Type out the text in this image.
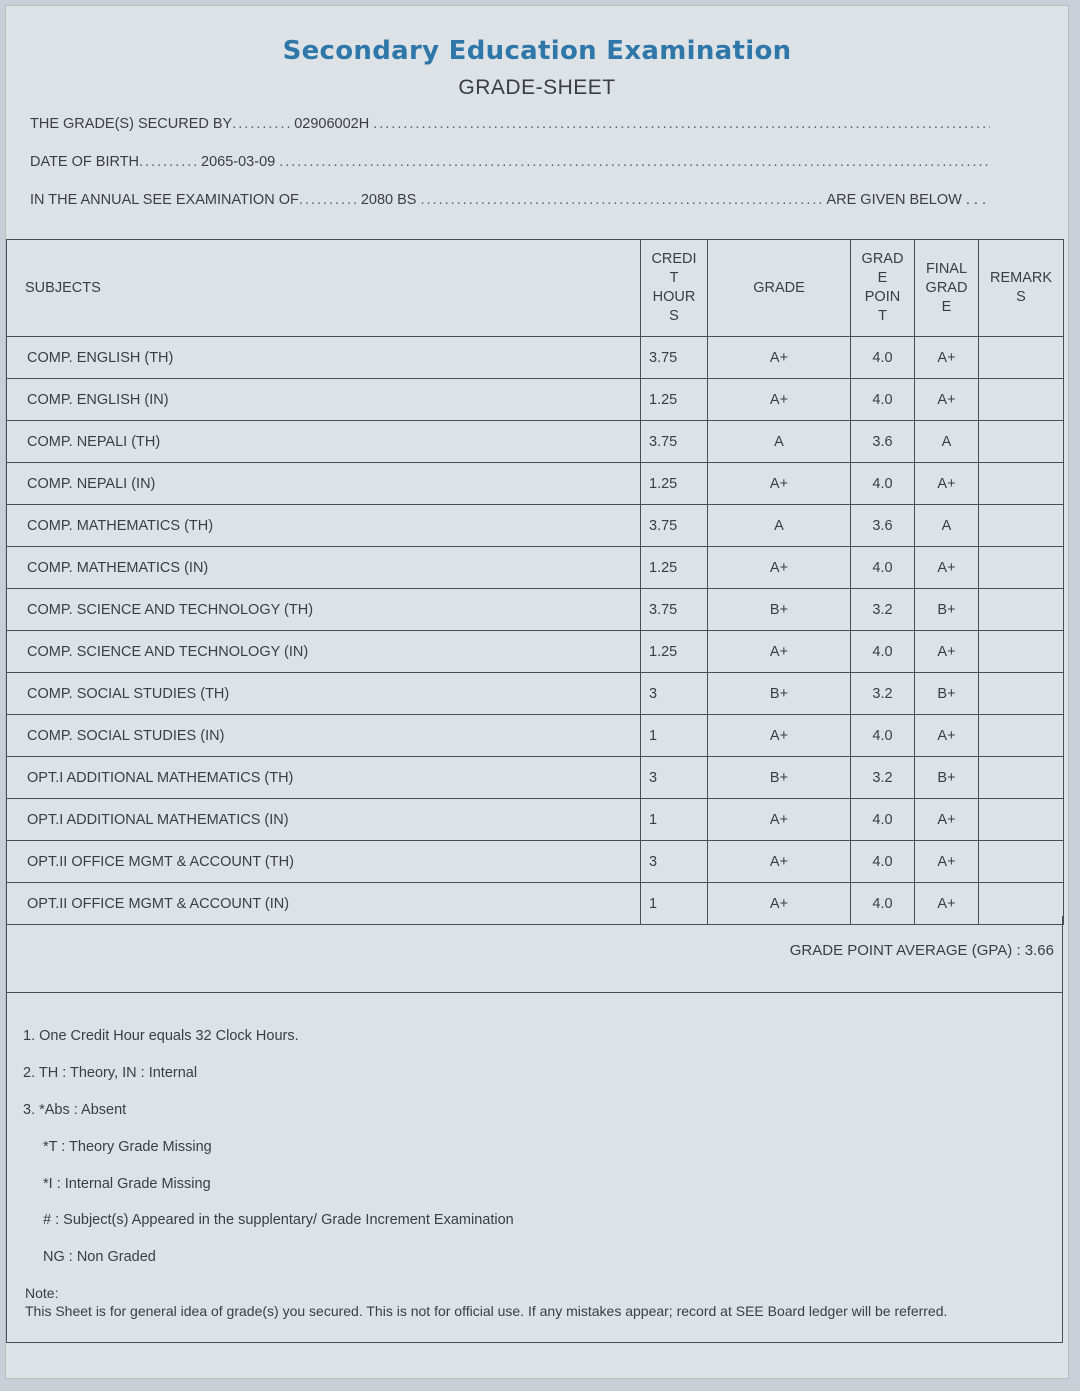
Secondary Education Examination
GRADE-SHEET
THE GRADE(S) SECURED BY .....	02906002H
.....
DATE OF BIRTH .....	2065-03-09
.....
IN THE ANNUAL SEE EXAMINATION OF .....	2080 BS .....	ARE GIVEN BELOW . . .
SUBJECTS	CREDI
T
HOUR
S	GRADE	GRAD
E
POIN
T	FINAL
GRAD
E	REMARK
S
COMP. ENGLISH (TH)	3.75	A+	4.0	A+	
COMP. ENGLISH (IN)	1.25	A+	4.0	A+	
COMP. NEPALI (TH)	3.75	A	3.6	A	
COMP. NEPALI (IN)	1.25	A+	4.0	A+	
COMP. MATHEMATICS (TH)	3.75	A	3.6	A	
COMP. MATHEMATICS (IN)	1.25	A+	4.0	A+	
COMP. SCIENCE AND TECHNOLOGY (TH)	3.75	B+	3.2	B+	
COMP. SCIENCE AND TECHNOLOGY (IN)	1.25	A+	4.0	A+	
COMP. SOCIAL STUDIES (TH)	3	B+	3.2	B+	
COMP. SOCIAL STUDIES (IN)	1	A+	4.0	A+	
OPT.I ADDITIONAL MATHEMATICS (TH)	3	B+	3.2	B+	
OPT.I ADDITIONAL MATHEMATICS (IN)	1	A+	4.0	A+	
OPT.II OFFICE MGMT & ACCOUNT (TH)	3	A+	4.0	A+	
OPT.II OFFICE MGMT & ACCOUNT (IN)	1	A+	4.0	A+	
GRADE POINT AVERAGE (GPA) : 3.66
1. One Credit Hour equals 32 Clock Hours.
2. TH : Theory, IN : Internal
3. *Abs : Absent
*T : Theory Grade Missing
*I : Internal Grade Missing
# : Subject(s) Appeared in the supplentary/ Grade Increment Examination
NG : Non Graded
Note:
This Sheet is for general idea of grade(s) you secured. This is not for official use. If any mistakes appear; record at SEE Board ledger will be referred.
